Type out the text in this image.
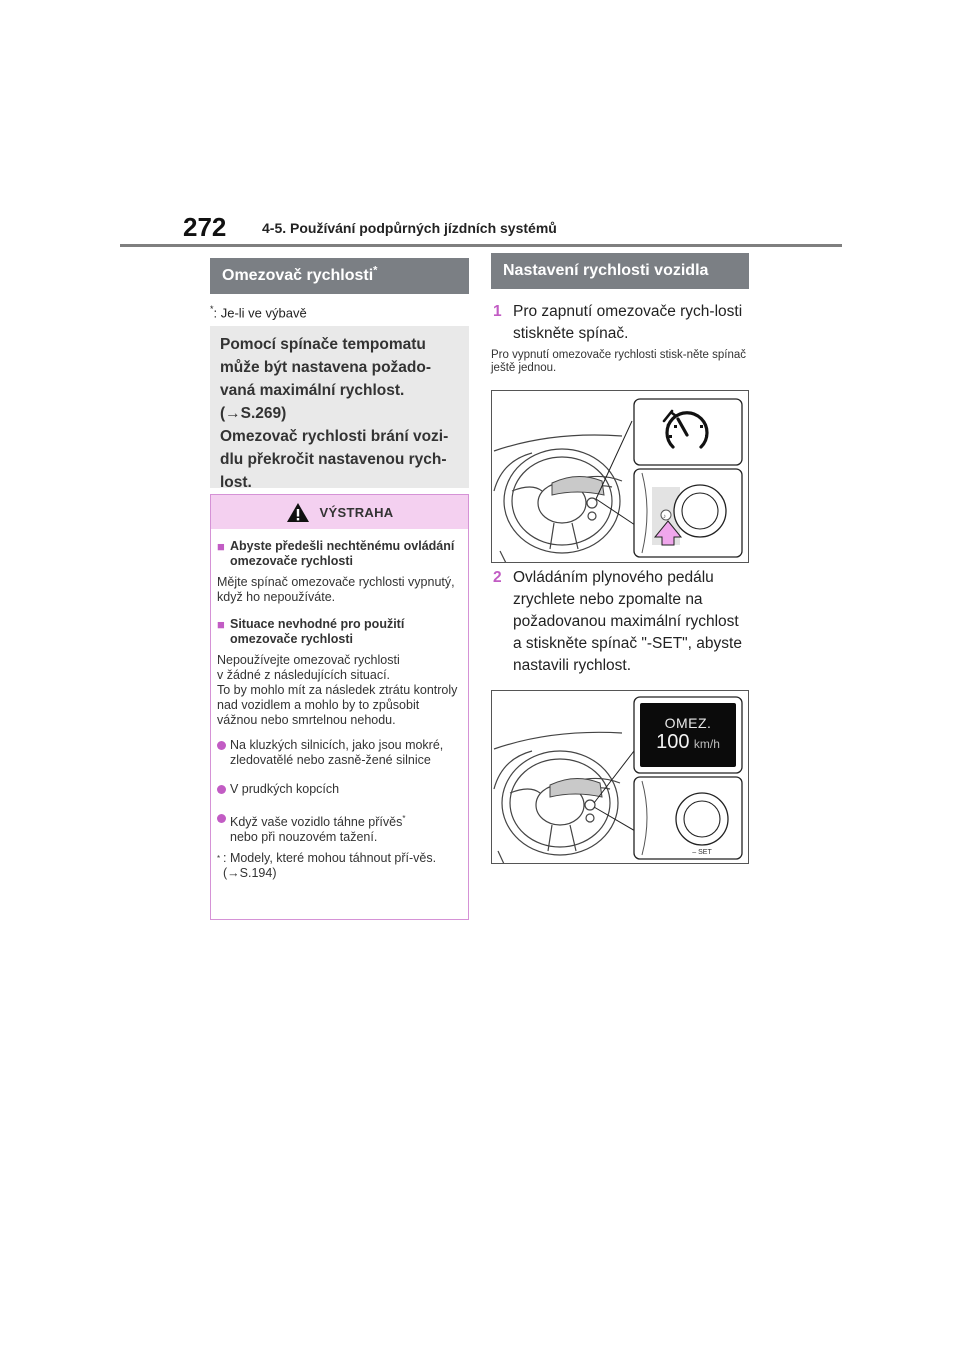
272	4-5. Používání podpůrných jízdních systémů
Omezovač rychlosti*
*: Je-li ve výbavě

Pomocí spínače tempomatu může být nastavena požado-vaná maximální rychlost.

(→S.269)

Omezovač rychlosti brání vozi-dlu překročit nastavenou rych-lost.

VÝSTRAHA
■ Abyste předešli nechtěnému ovládání omezovače rychlosti

Mějte spínač omezovače rychlosti vypnutý, když ho nepoužíváte.

■ Situace nevhodné pro použití omezovače rychlosti

Nepoužívejte omezovač rychlosti
v žádné z následujících situací.
To by mohlo mít za následek ztrátu kontroly nad vozidlem a mohlo by to způsobit vážnou nebo smrtelnou nehodu.

Na kluzkých silnicích, jako jsou mokré, zledovatělé nebo zasně-žené silnice
V prudkých kopcích
Když vaše vozidlo táhne přívěs*
nebo při nouzovém tažení.
* : Modely, které mohou táhnout pří-věs. (→S.194)
Nastavení rychlosti vozidla
1 Pro zapnutí omezovače rych-losti stiskněte spínač.
Pro vypnutí omezovače rychlosti stisk-něte spínač ještě jednou.
♪
2 Ovládáním plynového pedálu zrychlete nebo zpomalte na požadovanou maximální rychlost a stiskněte spínač "-SET", abyste nastavili rychlost.
– SET
OMEZ.
100 km/h
